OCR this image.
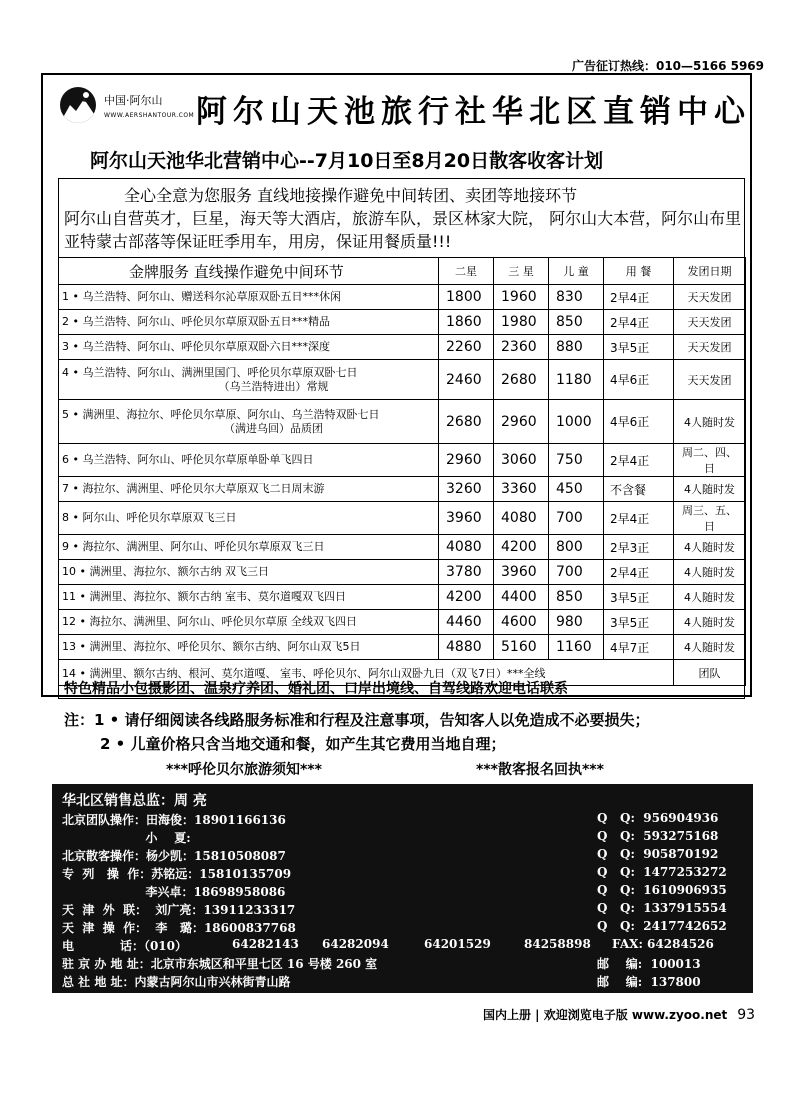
广告征订热线：010—5166 5969
中国·阿尔山
WWW.AERSHANTOUR.COM 阿尔山天池旅行社华北区直销中心
阿尔山天池华北营销中心--7月10日至8月20日散客收客计划

全心全意为您服务 直线地接操作避免中间转团、卖团等地接环节

阿尔山自营英才，巨星，海天等大酒店，旅游车队，景区林家大院， 阿尔山大本营，阿尔山布里亚特蒙古部落等保证旺季用车，用房，保证用餐质量!!!

金牌服务 直线操作避免中间环节	二星	三 星	儿 童	用 餐	发团日期
1 • 乌兰浩特、阿尔山、赠送科尔沁草原双卧五日***休闲	1800	1960	830	2早4正	天天发团
2 • 乌兰浩特、阿尔山、呼伦贝尔草原双卧五日***精品	1860	1980	850	2早4正	天天发团
3 • 乌兰浩特、阿尔山、呼伦贝尔草原双卧六日***深度	2260	2360	880	3早5正	天天发团
4 • 乌兰浩特、阿尔山、满洲里国门、呼伦贝尔草原双卧七日
（乌兰浩特进出）常规	2460	2680	1180	4早6正	天天发团
5 • 满洲里、海拉尔、呼伦贝尔草原、阿尔山、乌兰浩特双卧七日
（满进乌回）品质团	2680	2960	1000	4早6正	4人随时发
6 • 乌兰浩特、阿尔山、呼伦贝尔草原单卧单飞四日	2960	3060	750	2早4正	周二、四、日
7 • 海拉尔、满洲里、呼伦贝尔大草原双飞二日周末游	3260	3360	450	不含餐	4人随时发
8 • 阿尔山、呼伦贝尔草原双飞三日	3960	4080	700	2早4正	周三、五、日
9 • 海拉尔、满洲里、阿尔山、呼伦贝尔草原双飞三日	4080	4200	800	2早3正	4人随时发
10 • 满洲里、海拉尔、额尔古纳 双飞三日	3780	3960	700	2早4正	4人随时发
11 • 满洲里、海拉尔、额尔古纳 室韦、莫尔道嘎双飞四日	4200	4400	850	3早5正	4人随时发
12 • 海拉尔、满洲里、阿尔山、呼伦贝尔草原 全线双飞四日	4460	4600	980	3早5正	4人随时发
13 • 满洲里、海拉尔、呼伦贝尔、额尔古纳、阿尔山双飞5日	4880	5160	1160	4早7正	4人随时发
14 • 满洲里、额尔古纳、根河、莫尔道嘎、 室韦、呼伦贝尔、阿尔山双卧九日（双飞7日）***全线					团队
特色精品小包摄影团、温泉疗养团、婚礼团、口岸出境线、自驾线路欢迎电话联系
注：1 • 请仔细阅读各线路服务标准和行程及注意事项，告知客人以免造成不必要损失；
2 • 儿童价格只含当地交通和餐，如产生其它费用当地自理；
***呼伦贝尔旅游须知***	***散客报名回执***
华北区销售总监：周 亮
北京团队操作：田海俊：18901166136	Q   Q:  956904936
小    夏:	Q   Q:  593275168
北京散客操作：杨少凯：15810508087	Q   Q:  905870192
专  列   操  作：苏铭远：15810135709	Q   Q:  1477253272
李兴卓：18698958086	Q   Q:  1610906935
天  津  外  联：  刘广亮：13911233317	Q   Q:  1337915554
天  津  操  作：  李   璐：18600837768	Q   Q:  2417742652
电           话：（010）	64282143 64282094	64201529	84258898 FAX: 64284526
驻 京 办 地 址：北京市东城区和平里七区 16 号楼 260 室	邮    编:  100013
总 社 地 址：内蒙古阿尔山市兴林街青山路	邮    编:  137800
国内上册 | 欢迎浏览电子版 www.zyoo.net 93
